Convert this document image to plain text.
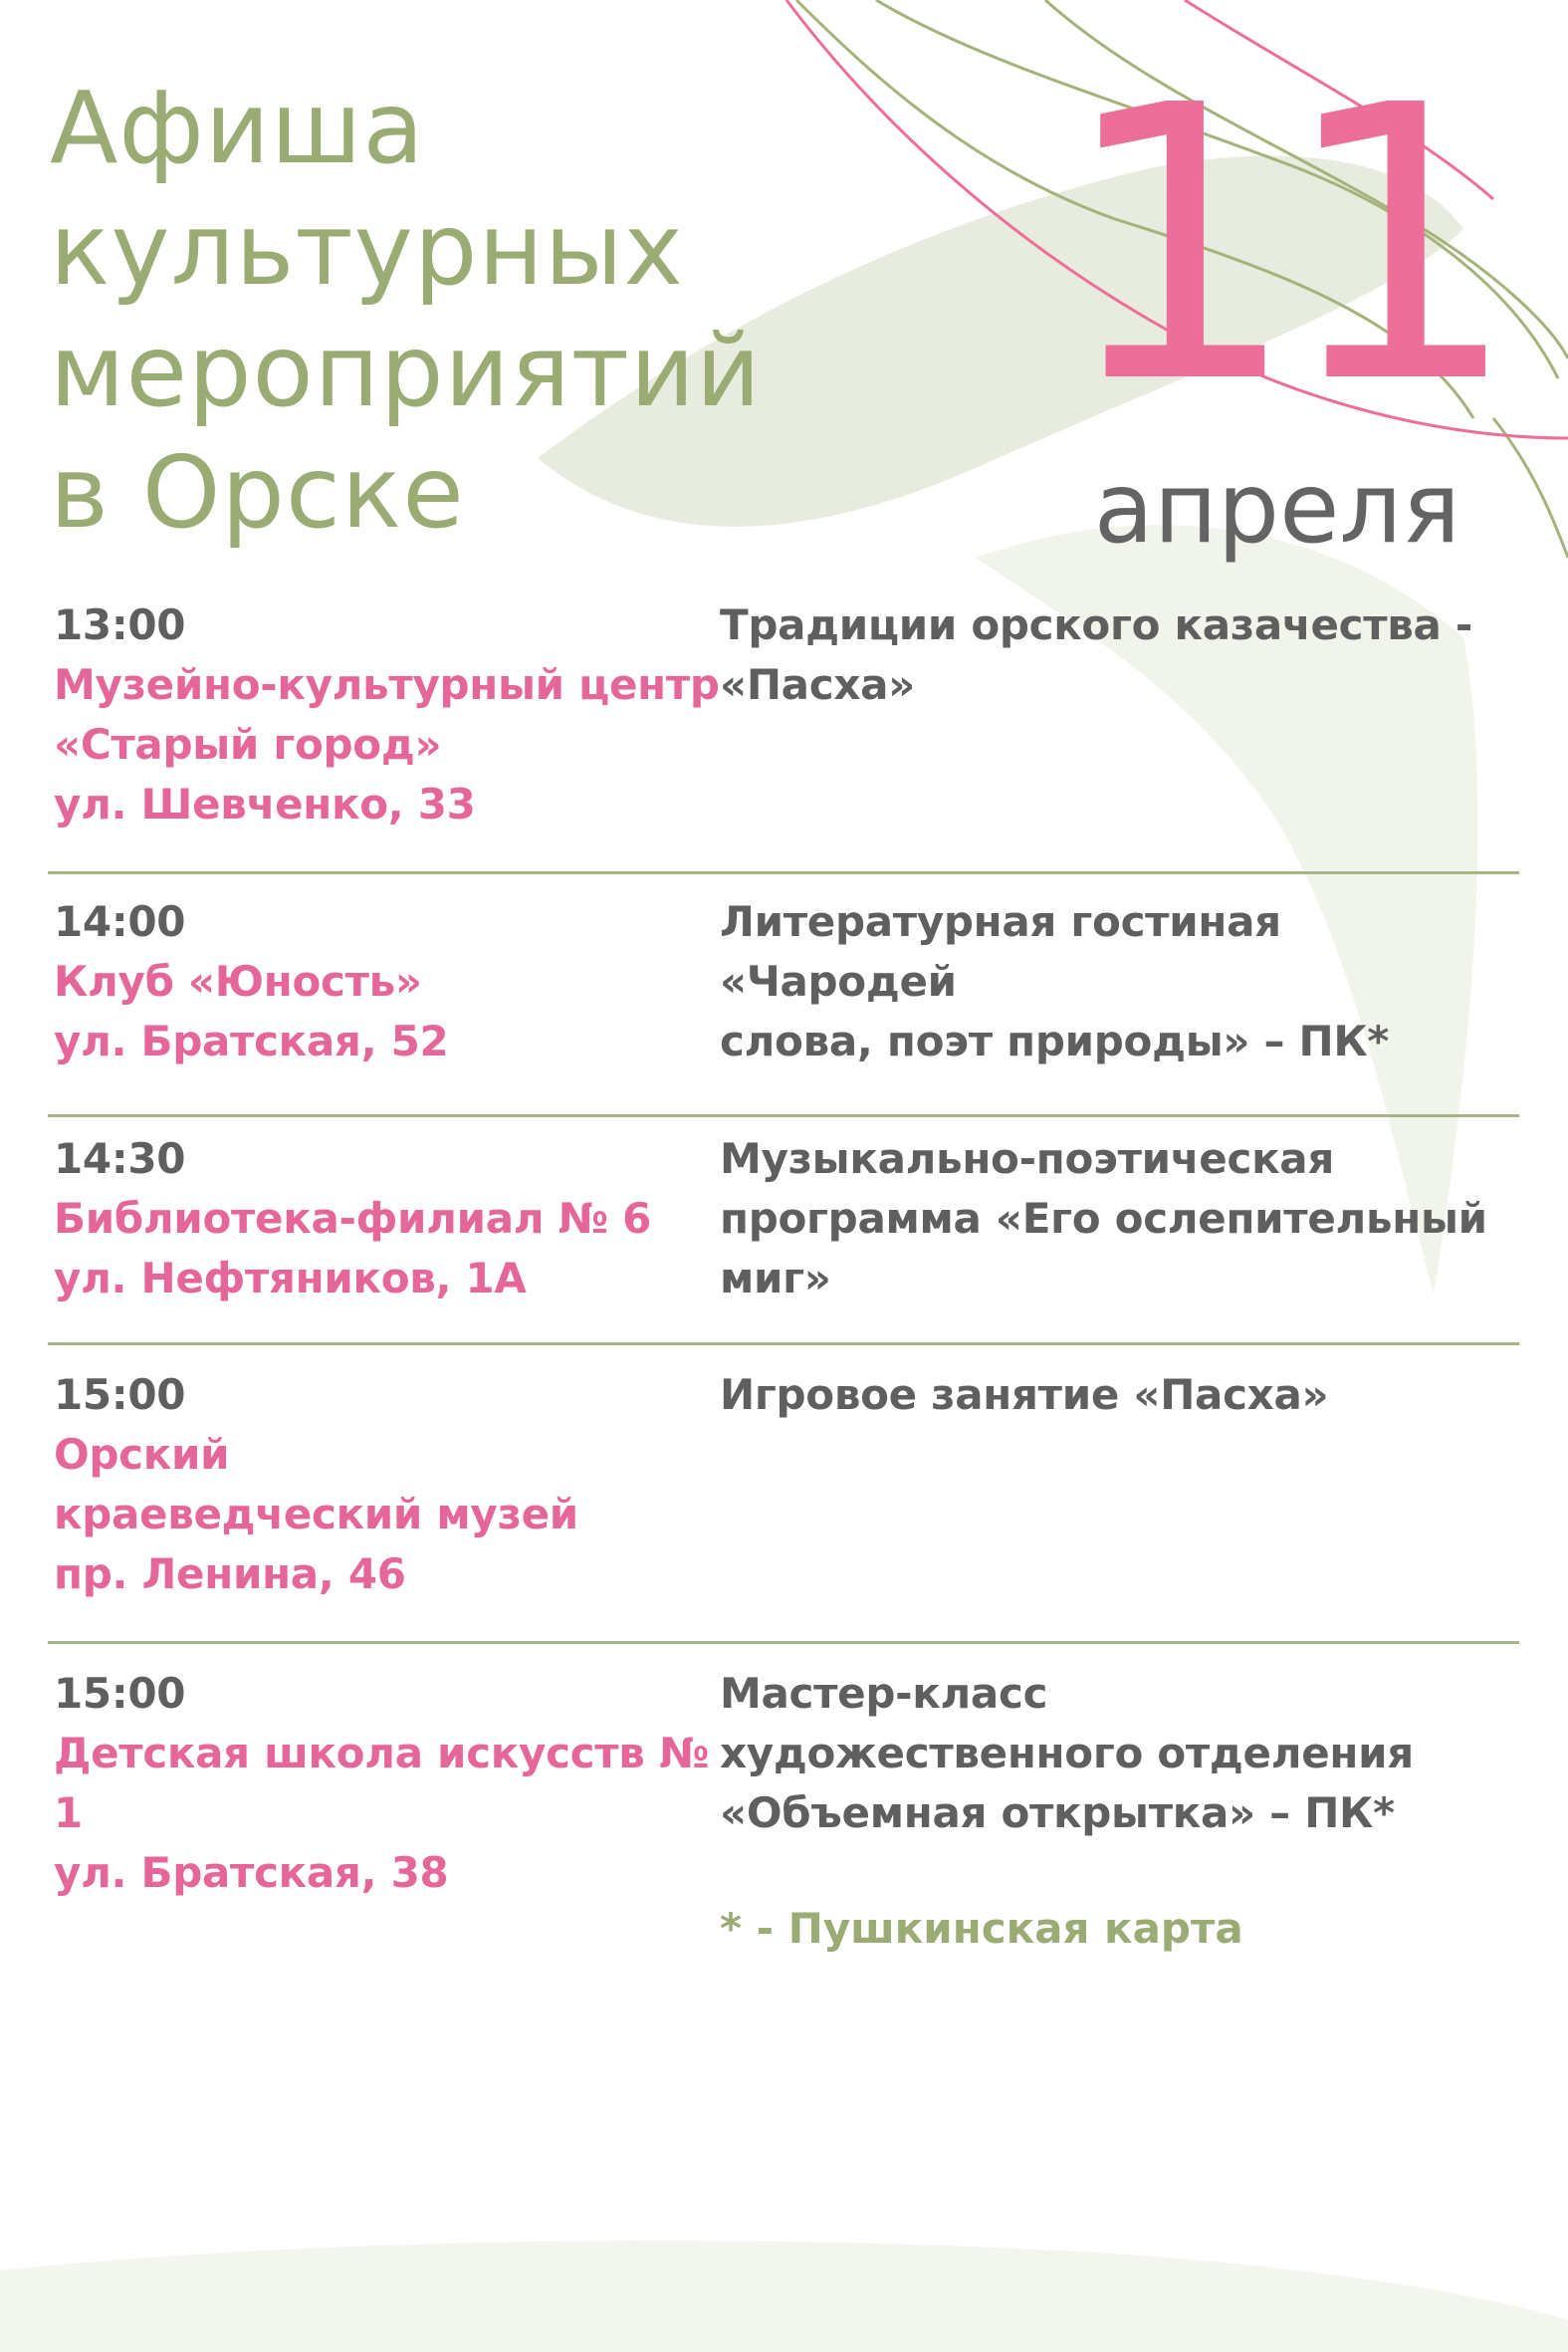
Афиша культурных
мероприятий
в Орске
11
апреля
13:00
Музейно-культурный центр
«Старый город»
ул. Шевченко, 33
Традиции орского казачества -
«Пасха»
14:00
Клуб «Юность»
ул. Братская, 52
Литературная гостиная «Чародей
слова, поэт природы» – ПК*
14:30
Библиотека-филиал № 6
ул. Нефтяников, 1А
Музыкально-поэтическая
программа «Его ослепительный
миг»
15:00
Орский
краеведческий музей
пр. Ленина, 46
Игровое занятие «Пасха»
15:00
Детская школа искусств № 1
ул. Братская, 38
Мастер-класс
художественного отделения
«Объемная открытка» – ПК*
* - Пушкинская карта
